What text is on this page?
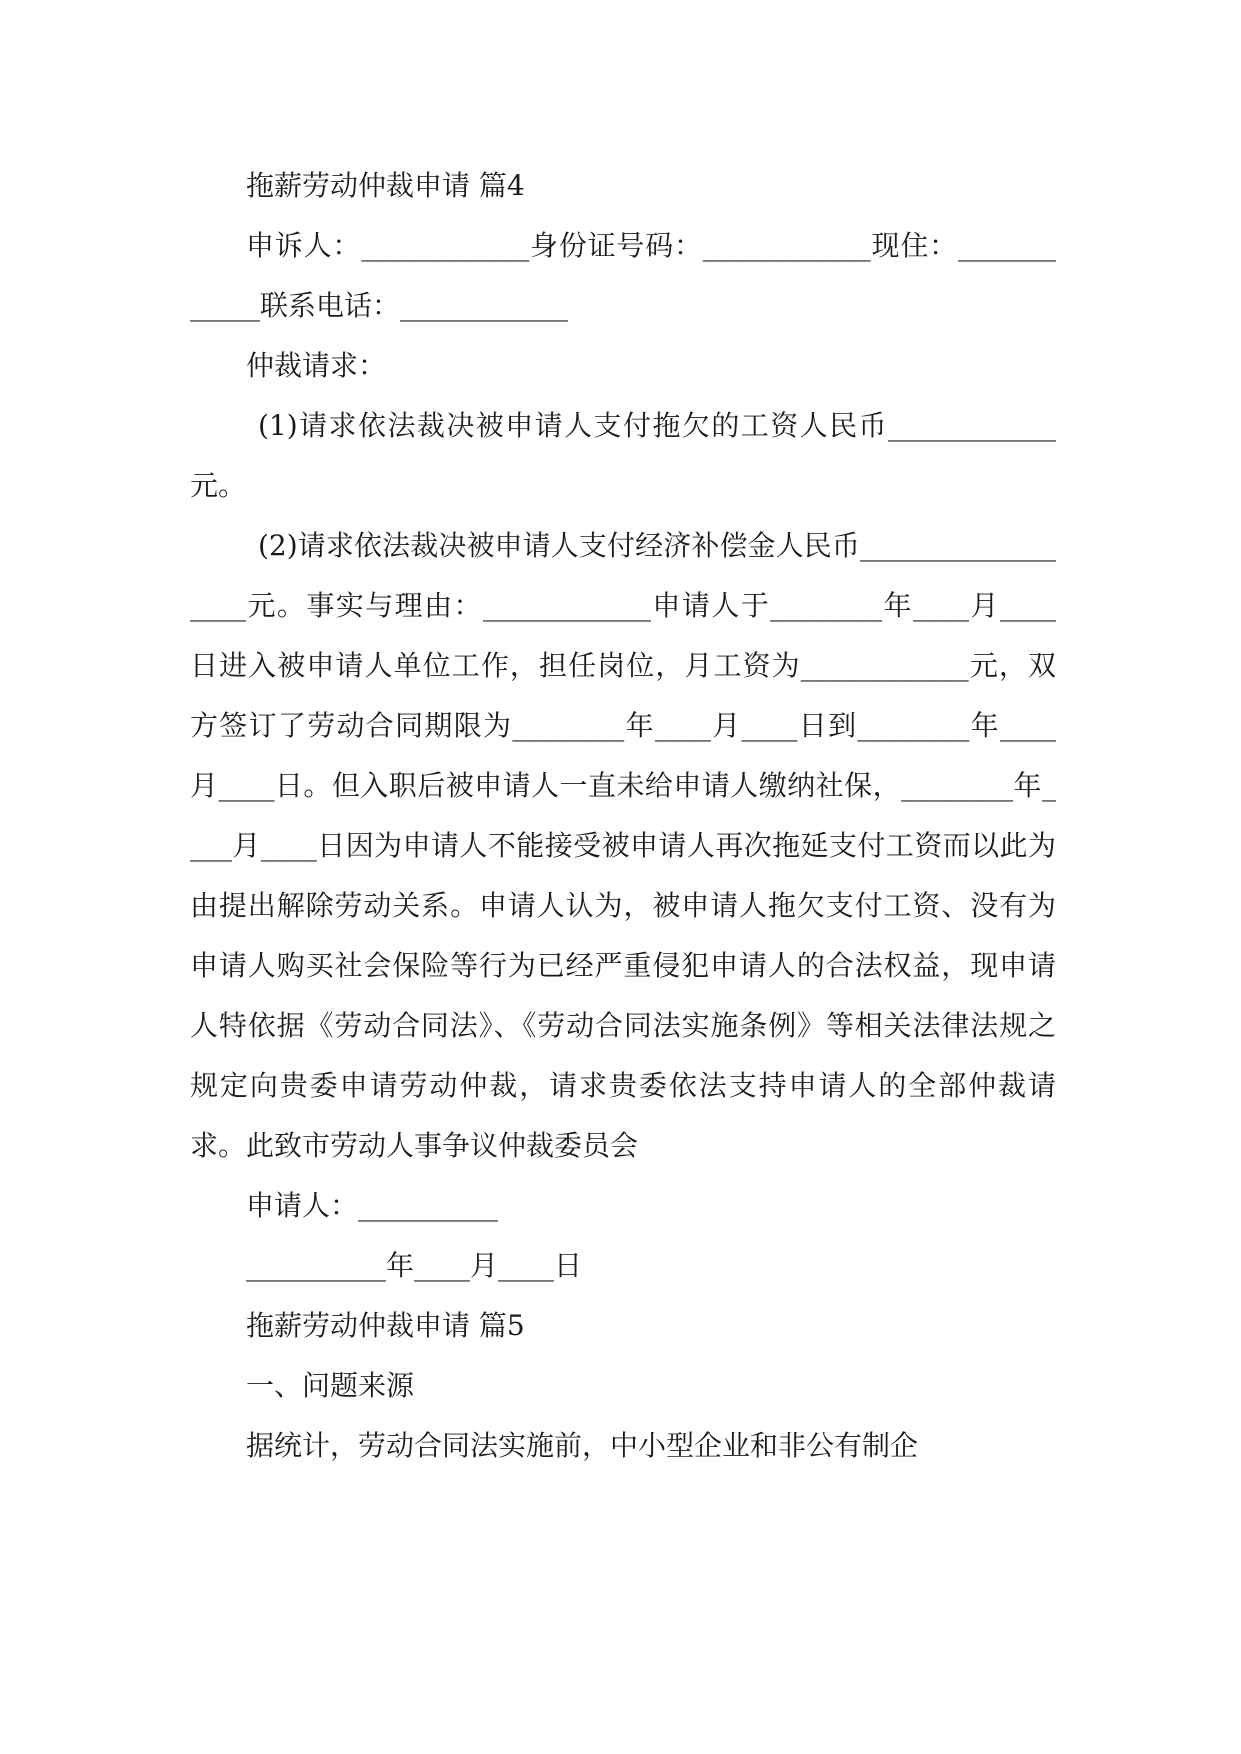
拖薪劳动仲裁申请 篇4

申诉人：____________身份证号码：____________现住：____________联系电话：____________

仲裁请求：

(1)请求依法裁决被申请人支付拖欠的工资人民币____________元。

(2)请求依法裁决被申请人支付经济补偿金人民币__________________元。事实与理由：____________申请人于________年____月____日进入被申请人单位工作，担任岗位，月工资为____________元，双方签订了劳动合同期限为________年____月____日到________年____月____日。但入职后被申请人一直未给申请人缴纳社保，________年____月____日因为申请人不能接受被申请人再次拖延支付工资而以此为由提出解除劳动关系。申请人认为，被申请人拖欠支付工资、没有为申请人购买社会保险等行为已经严重侵犯申请人的合法权益，现申请人特依据《劳动合同法》、《劳动合同法实施条例》等相关法律法规之规定向贵委申请劳动仲裁，请求贵委依法支持申请人的全部仲裁请求。此致市劳动人事争议仲裁委员会

申请人：__________

__________年____月____日

拖薪劳动仲裁申请 篇5

一、问题来源

据统计，劳动合同法实施前，中小型企业和非公有制企
